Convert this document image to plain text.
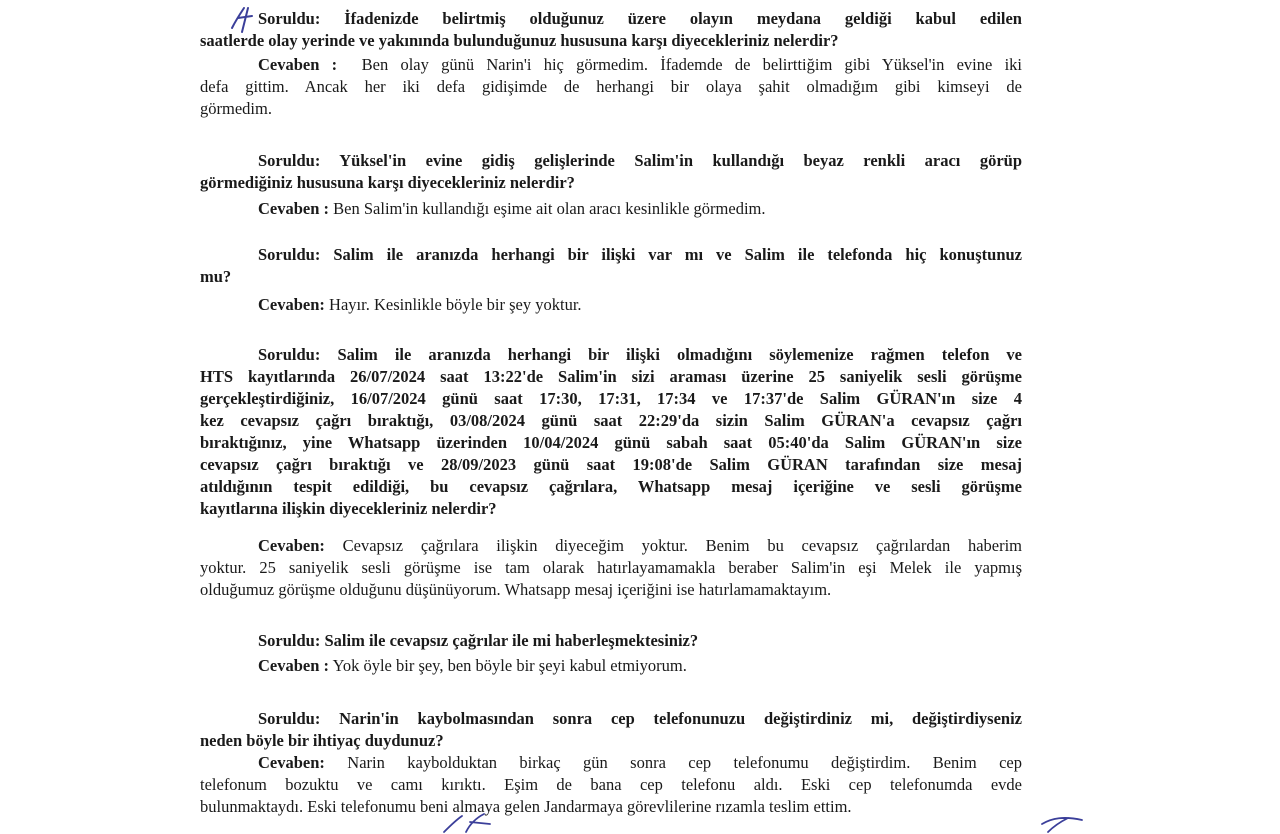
Soruldu: İfadenizde belirtmiş olduğunuz üzere olayın meydana geldiği kabul edilen
saatlerde olay yerinde ve yakınında bulunduğunuz hususuna karşı diyecekleriniz nelerdir?
Cevaben : Ben olay günü Narin'i hiç görmedim. İfademde de belirttiğim gibi Yüksel'in evine iki
defa gittim. Ancak her iki defa gidişimde de herhangi bir olaya şahit olmadığım gibi kimseyi de
görmedim.
Soruldu: Yüksel'in evine gidiş gelişlerinde Salim'in kullandığı beyaz renkli aracı görüp
görmediğiniz hususuna karşı diyecekleriniz nelerdir?
Cevaben : Ben Salim'in kullandığı eşime ait olan aracı kesinlikle görmedim.
Soruldu: Salim ile aranızda herhangi bir ilişki var mı ve Salim ile telefonda hiç konuştunuz
mu?
Cevaben: Hayır. Kesinlikle böyle bir şey yoktur.
Soruldu: Salim ile aranızda herhangi bir ilişki olmadığını söylemenize rağmen telefon ve
HTS kayıtlarında 26/07/2024 saat 13:22'de Salim'in sizi araması üzerine 25 saniyelik sesli görüşme
gerçekleştirdiğiniz, 16/07/2024 günü saat 17:30, 17:31, 17:34 ve 17:37'de Salim GÜRAN'ın size 4
kez cevapsız çağrı bıraktığı, 03/08/2024 günü saat 22:29'da sizin Salim GÜRAN'a cevapsız çağrı
bıraktığınız, yine Whatsapp üzerinden 10/04/2024 günü sabah saat 05:40'da Salim GÜRAN'ın size
cevapsız çağrı bıraktığı ve 28/09/2023 günü saat 19:08'de Salim GÜRAN tarafından size mesaj
atıldığının tespit edildiği, bu cevapsız çağrılara, Whatsapp mesaj içeriğine ve sesli görüşme
kayıtlarına ilişkin diyecekleriniz nelerdir?
Cevaben: Cevapsız çağrılara ilişkin diyeceğim yoktur. Benim bu cevapsız çağrılardan haberim
yoktur. 25 saniyelik sesli görüşme ise tam olarak hatırlayamamakla beraber Salim'in eşi Melek ile yapmış
olduğumuz görüşme olduğunu düşünüyorum. Whatsapp mesaj içeriğini ise hatırlamamaktayım.
Soruldu: Salim ile cevapsız çağrılar ile mi haberleşmektesiniz?
Cevaben : Yok öyle bir şey, ben böyle bir şeyi kabul etmiyorum.
Soruldu: Narin'in kaybolmasından sonra cep telefonunuzu değiştirdiniz mi, değiştirdiyseniz
neden böyle bir ihtiyaç duydunuz?
Cevaben: Narin kaybolduktan birkaç gün sonra cep telefonumu değiştirdim. Benim cep
telefonum bozuktu ve camı kırıktı. Eşim de bana cep telefonu aldı. Eski cep telefonumda evde
bulunmaktaydı. Eski telefonumu beni almaya gelen Jandarmaya görevlilerine rızamla teslim ettim.
